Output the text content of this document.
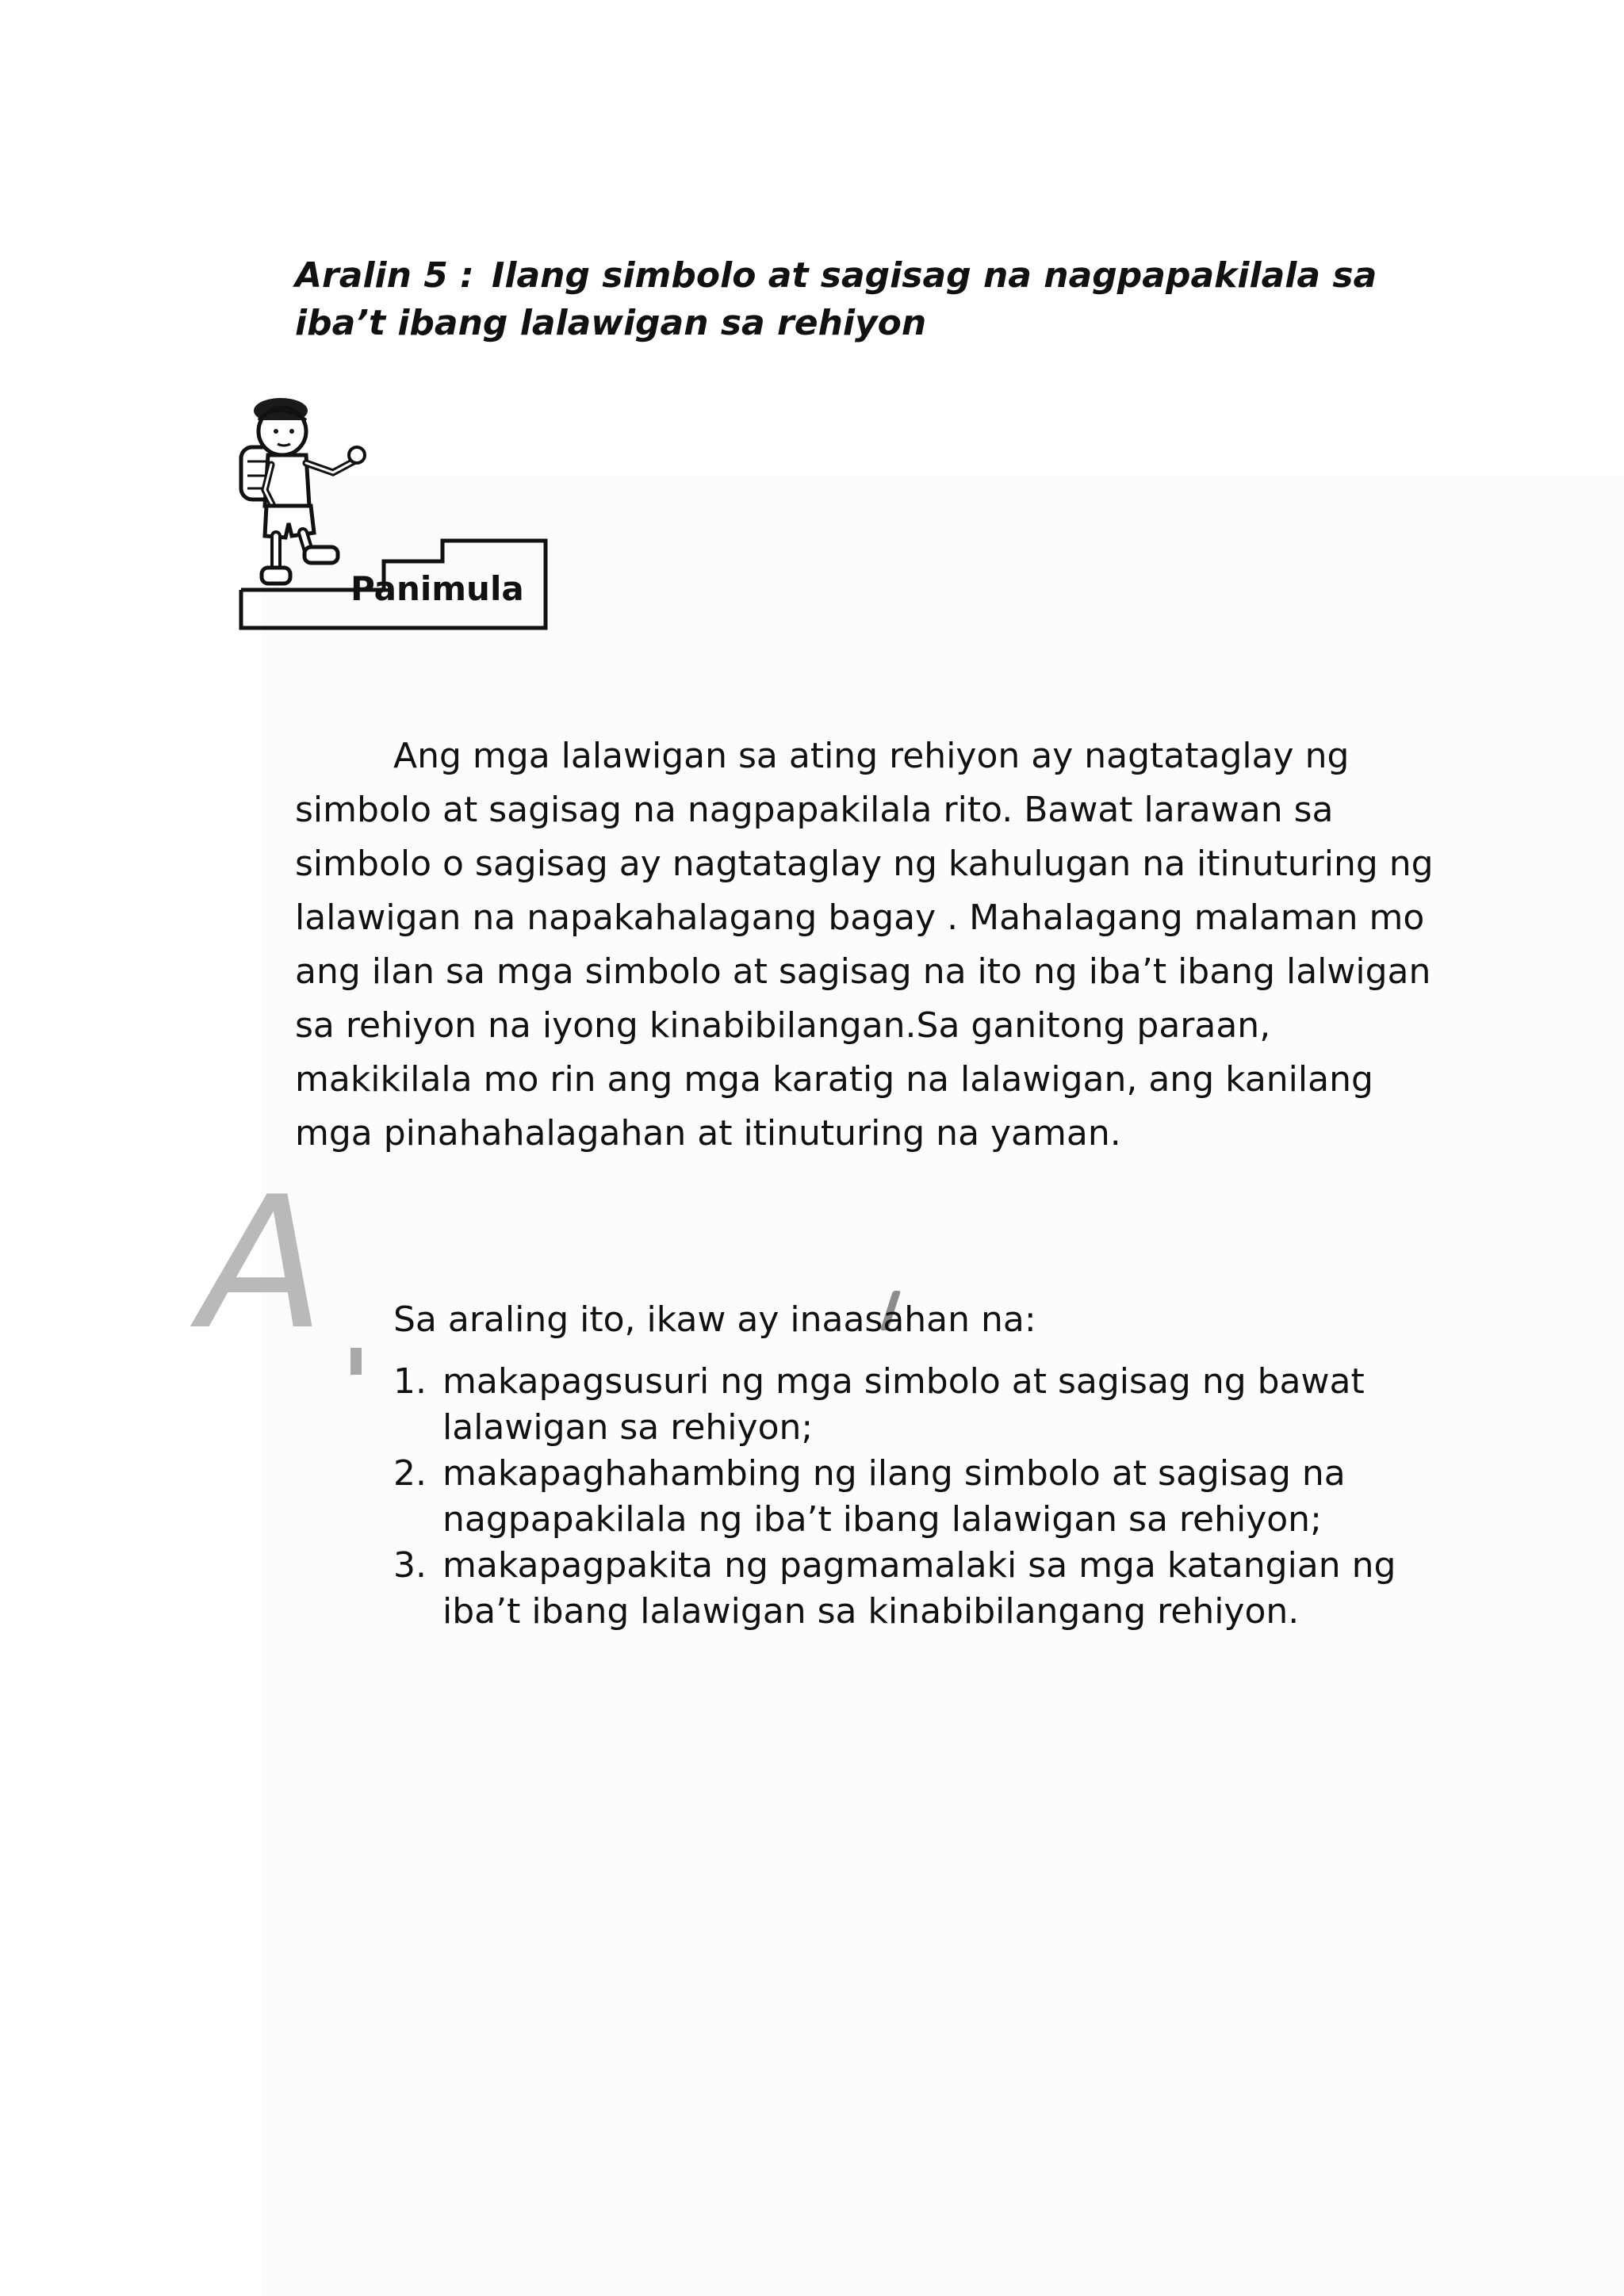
Aralin 5 : Ilang simbolo at sagisag na nagpapakilala sa iba’t ibang lalawigan sa rehiyon
Panimula

Ang mga lalawigan sa ating rehiyon ay nagtataglay ng simbolo at sagisag na nagpapakilala rito. Bawat larawan sa simbolo o sagisag ay nagtataglay ng kahulugan na itinuturing ng lalawigan na napakahalagang bagay . Mahalagang malaman mo ang ilan sa mga simbolo at sagisag na ito ng iba’t ibang lalwigan sa rehiyon na iyong kinabibilangan.Sa ganitong paraan, makikilala mo rin ang mga karatig na lalawigan, ang kanilang mga pinahahalagahan at itinuturing na yaman.

A Sa araling ito, ikaw ay inaasahan na:

1. makapagsusuri ng mga simbolo at sagisag ng bawat lalawigan sa rehiyon;
2. makapaghahambing ng ilang simbolo at sagisag na nagpapakilala ng iba’t ibang lalawigan sa rehiyon;
3. makapagpakita ng pagmamalaki sa mga katangian ng iba’t ibang lalawigan sa kinabibilangang rehiyon.
